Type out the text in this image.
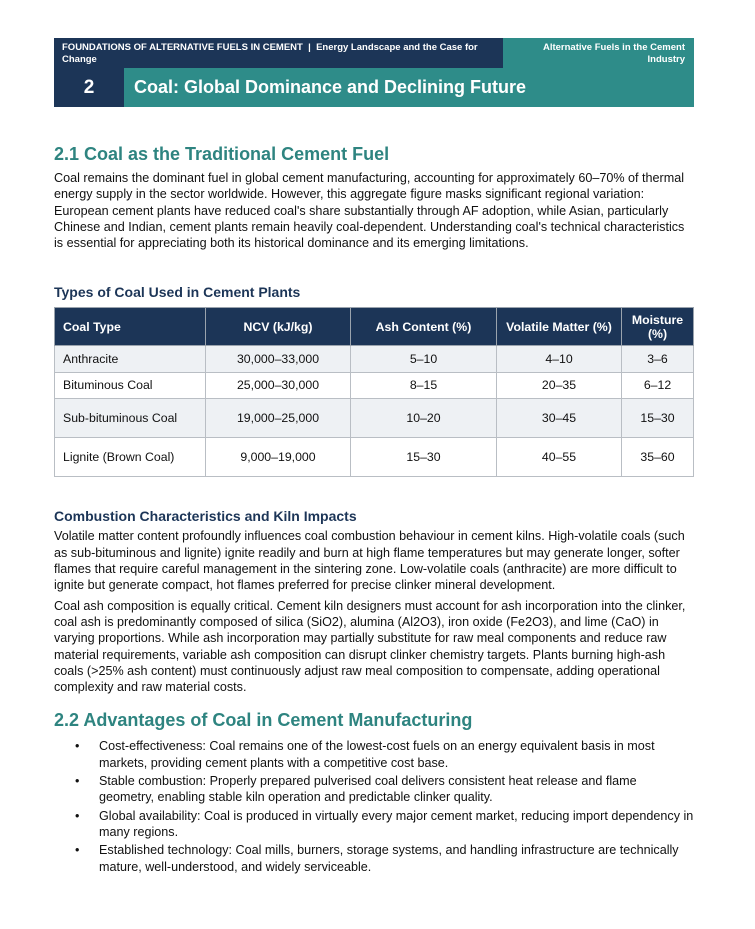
FOUNDATIONS OF ALTERNATIVE FUELS IN CEMENT | Energy Landscape and the Case for Change
Alternative Fuels in the Cement Industry
2	Coal: Global Dominance and Declining Future
2.1 Coal as the Traditional Cement Fuel

Coal remains the dominant fuel in global cement manufacturing, accounting for approximately 60–70% of thermal energy supply in the sector worldwide. However, this aggregate figure masks significant regional variation: European cement plants have reduced coal's share substantially through AF adoption, while Asian, particularly Chinese and Indian, cement plants remain heavily coal-dependent. Understanding coal's technical characteristics is essential for appreciating both its historical dominance and its emerging limitations.

Types of Coal Used in Cement Plants
Coal Type	NCV (kJ/kg)	Ash Content (%)	Volatile Matter (%)	Moisture (%)
Anthracite	30,000–33,000	5–10	4–10	3–6
Bituminous Coal	25,000–30,000	8–15	20–35	6–12
Sub-bituminous Coal	19,000–25,000	10–20	30–45	15–30
Lignite (Brown Coal)	9,000–19,000	15–30	40–55	35–60
Combustion Characteristics and Kiln Impacts

Volatile matter content profoundly influences coal combustion behaviour in cement kilns. High-volatile coals (such as sub-bituminous and lignite) ignite readily and burn at high flame temperatures but may generate longer, softer flames that require careful management in the sintering zone. Low-volatile coals (anthracite) are more difficult to ignite but generate compact, hot flames preferred for precise clinker mineral development.

Coal ash composition is equally critical. Cement kiln designers must account for ash incorporation into the clinker, coal ash is predominantly composed of silica (SiO2), alumina (Al2O3), iron oxide (Fe2O3), and lime (CaO) in varying proportions. While ash incorporation may partially substitute for raw meal components and reduce raw material requirements, variable ash composition can disrupt clinker chemistry targets. Plants burning high-ash coals (>25% ash content) must continuously adjust raw meal composition to compensate, adding operational complexity and raw material costs.

2.2 Advantages of Coal in Cement Manufacturing
• Cost-effectiveness: Coal remains one of the lowest-cost fuels on an energy equivalent basis in most markets, providing cement plants with a competitive cost base.
• Stable combustion: Properly prepared pulverised coal delivers consistent heat release and flame geometry, enabling stable kiln operation and predictable clinker quality.
• Global availability: Coal is produced in virtually every major cement market, reducing import dependency in many regions.
• Established technology: Coal mills, burners, storage systems, and handling infrastructure are technically mature, well-understood, and widely serviceable.
